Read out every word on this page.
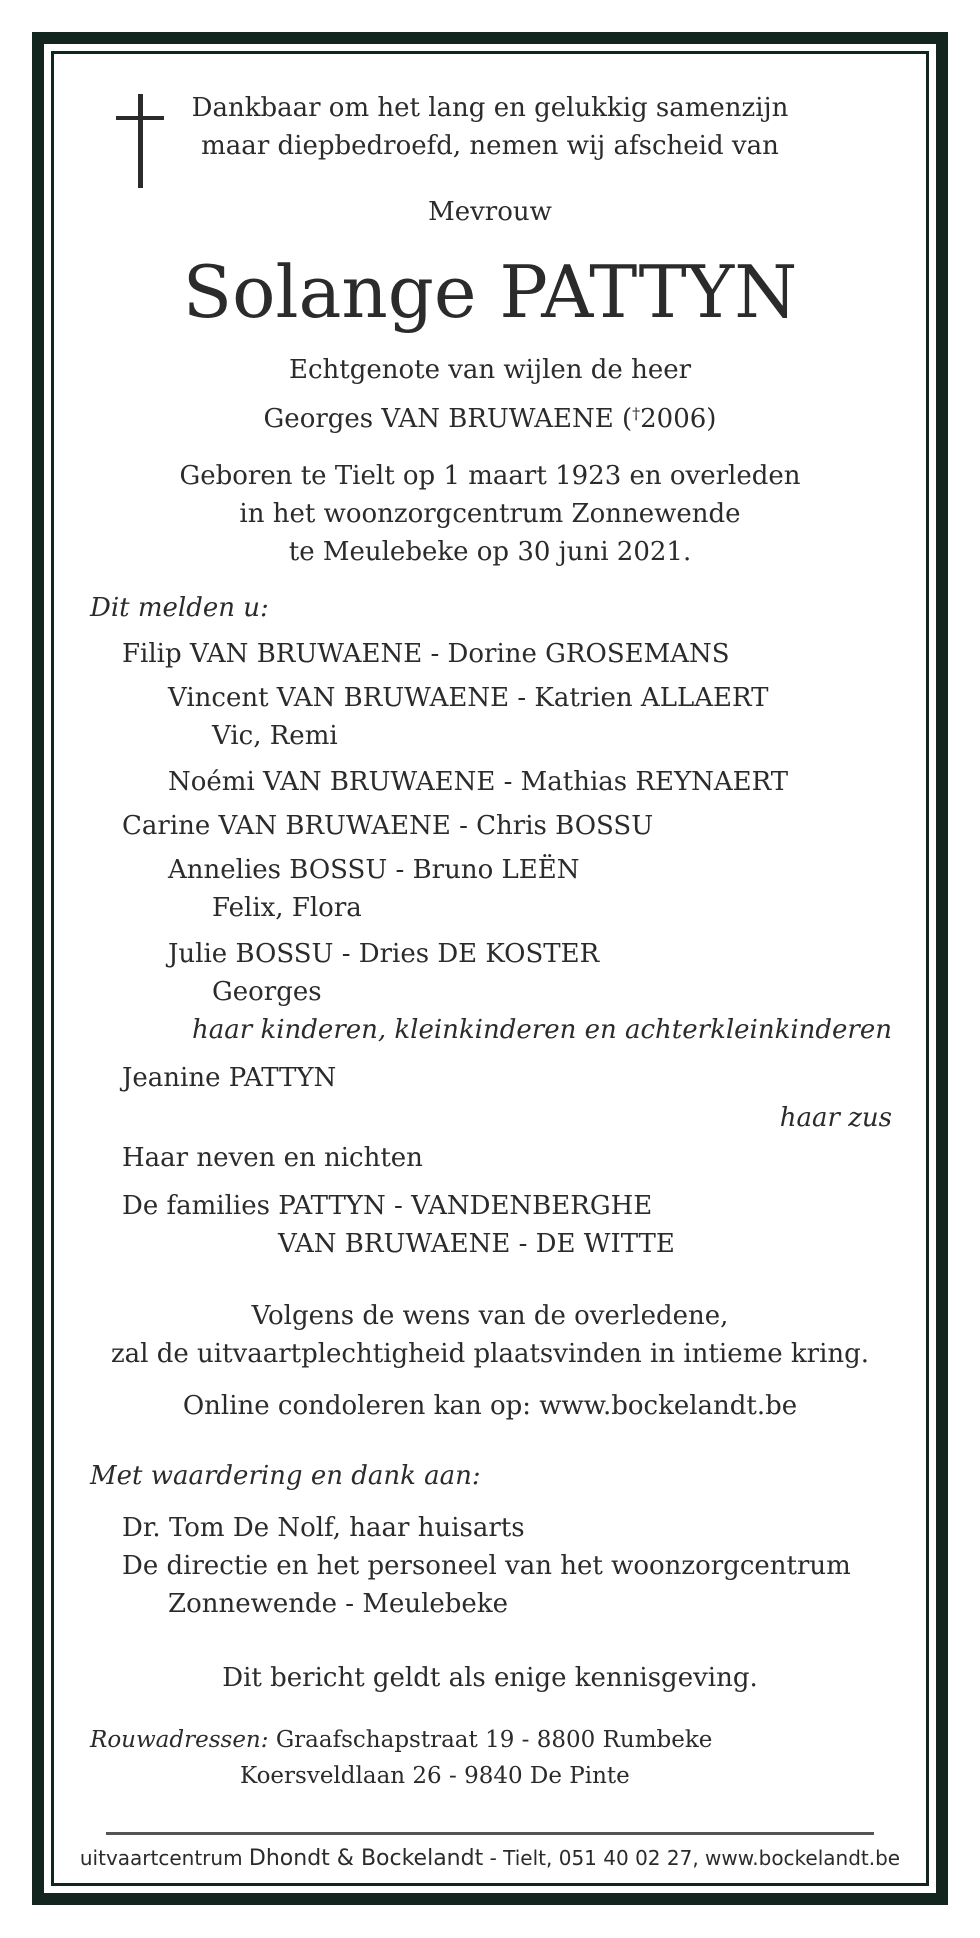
Dankbaar om het lang en gelukkig samenzijn
maar diepbedroefd, nemen wij afscheid van
Mevrouw
Solange PATTYN
Echtgenote van wijlen de heer
Georges VAN BRUWAENE (†2006)
Geboren te Tielt op 1 maart 1923 en overleden
in het woonzorgcentrum Zonnewende
te Meulebeke op 30 juni 2021.
Dit melden u:
Filip VAN BRUWAENE - Dorine GROSEMANS
Vincent VAN BRUWAENE - Katrien ALLAERT
Vic, Remi
Noémi VAN BRUWAENE - Mathias REYNAERT
Carine VAN BRUWAENE - Chris BOSSU
Annelies BOSSU - Bruno LEËN
Felix, Flora
Julie BOSSU - Dries DE KOSTER
Georges
haar kinderen, kleinkinderen en achterkleinkinderen
Jeanine PATTYN
haar zus
Haar neven en nichten
De families PATTYN - VANDENBERGHE
VAN BRUWAENE - DE WITTE
Volgens de wens van de overledene,
zal de uitvaartplechtigheid plaatsvinden in intieme kring.
Online condoleren kan op: www.bockelandt.be
Met waardering en dank aan:
Dr. Tom De Nolf, haar huisarts
De directie en het personeel van het woonzorgcentrum
Zonnewende - Meulebeke
Dit bericht geldt als enige kennisgeving.
Rouwadressen: Graafschapstraat 19 - 8800 Rumbeke
Koersveldlaan 26 - 9840 De Pinte
uitvaartcentrum Dhondt & Bockelandt - Tielt, 051 40 02 27, www.bockelandt.be
